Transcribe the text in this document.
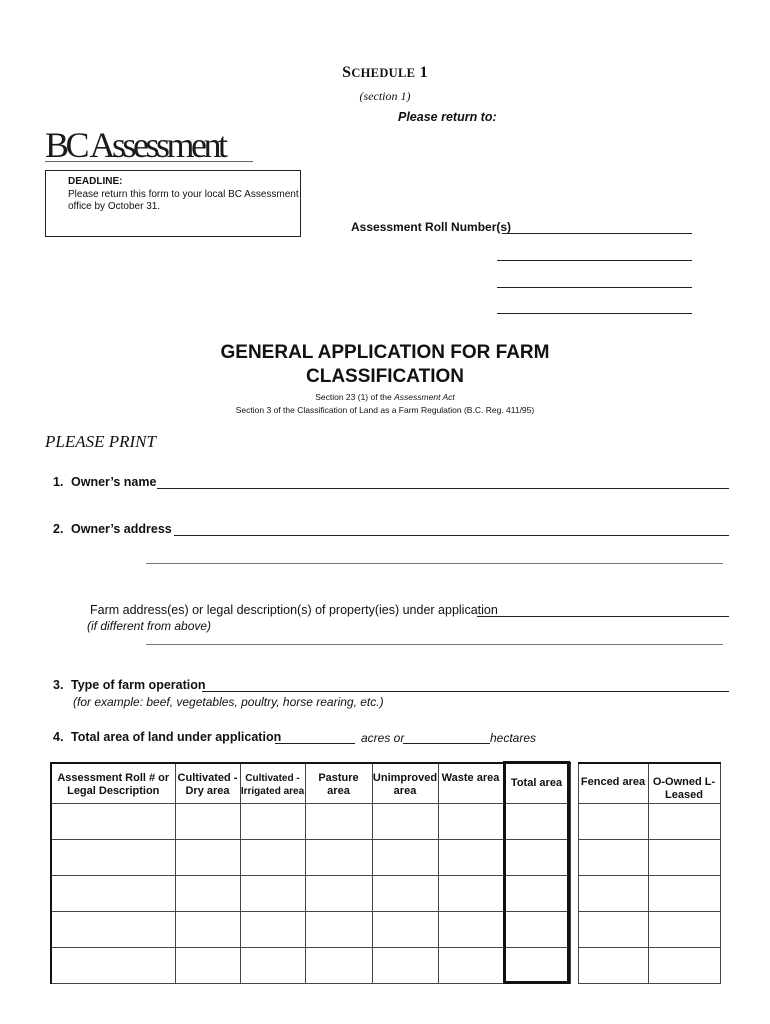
SCHEDULE 1
(section 1)
Please return to:
BC Assessment
DEADLINE:
Please return this form to your local BC Assessment office by October 31.
Assessment Roll Number(s)
GENERAL APPLICATION FOR FARM
CLASSIFICATION
Section 23 (1) of the Assessment Act
Section 3 of the Classification of Land as a Farm Regulation (B.C. Reg. 411/95)
PLEASE PRINT
1. Owner’s name
2. Owner’s address
Farm address(es) or legal description(s) of property(ies) under application
(if different from above)
3. Type of farm operation
(for example: beef, vegetables, poultry, horse rearing, etc.)
4. Total area of land under application	acres or	hectares
Assessment Roll # or Legal Description	Cultivated - Dry area	Cultivated - Irrigated area	Pasture area	Unimproved area	Waste area	Total area		Fenced area	O-Owned L- Leased
